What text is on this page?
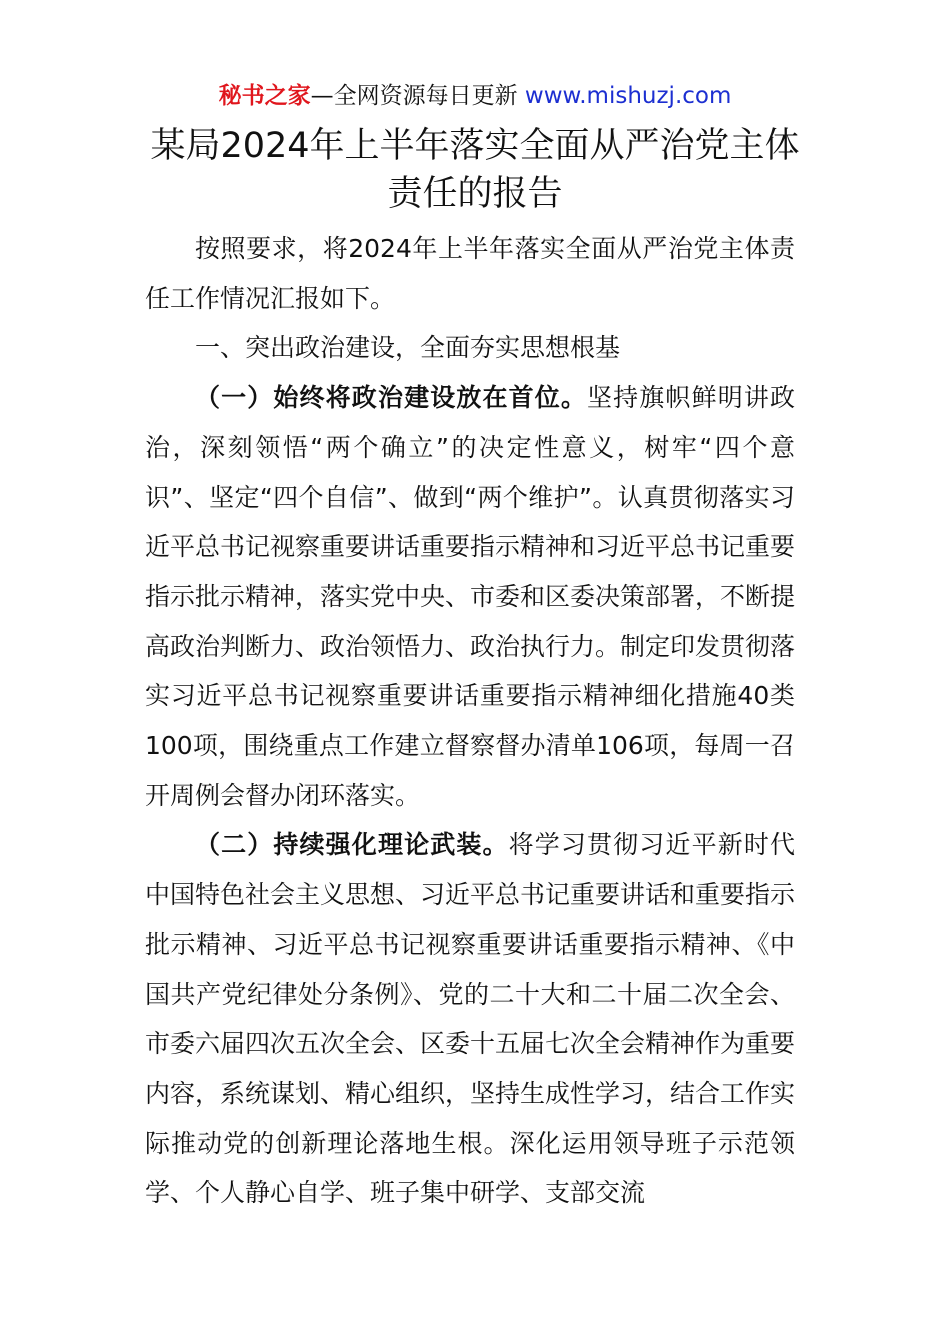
秘书之家—全网资源每日更新 www.mishuzj.com
某局2024年上半年落实全面从严治党主体责任的报告

按照要求，将2024年上半年落实全面从严治党主体责任工作情况汇报如下。

一、突出政治建设，全面夯实思想根基

（一）始终将政治建设放在首位。坚持旗帜鲜明讲政治，深刻领悟“两个确立”的决定性意义，树牢“四个意识”、坚定“四个自信”、做到“两个维护”。认真贯彻落实习近平总书记视察重要讲话重要指示精神和习近平总书记重要指示批示精神，落实党中央、市委和区委决策部署，不断提高政治判断力、政治领悟力、政治执行力。制定印发贯彻落实习近平总书记视察重要讲话重要指示精神细化措施40类100项，围绕重点工作建立督察督办清单106项，每周一召开周例会督办闭环落实。

（二）持续强化理论武装。将学习贯彻习近平新时代中国特色社会主义思想、习近平总书记重要讲话和重要指示批示精神、习近平总书记视察重要讲话重要指示精神、《中国共产党纪律处分条例》、党的二十大和二十届二次全会、市委六届四次五次全会、区委十五届七次全会精神作为重要内容，系统谋划、精心组织，坚持生成性学习，结合工作实际推动党的创新理论落地生根。深化运用领导班子示范领学、个人静心自学、班子集中研学、支部交流
